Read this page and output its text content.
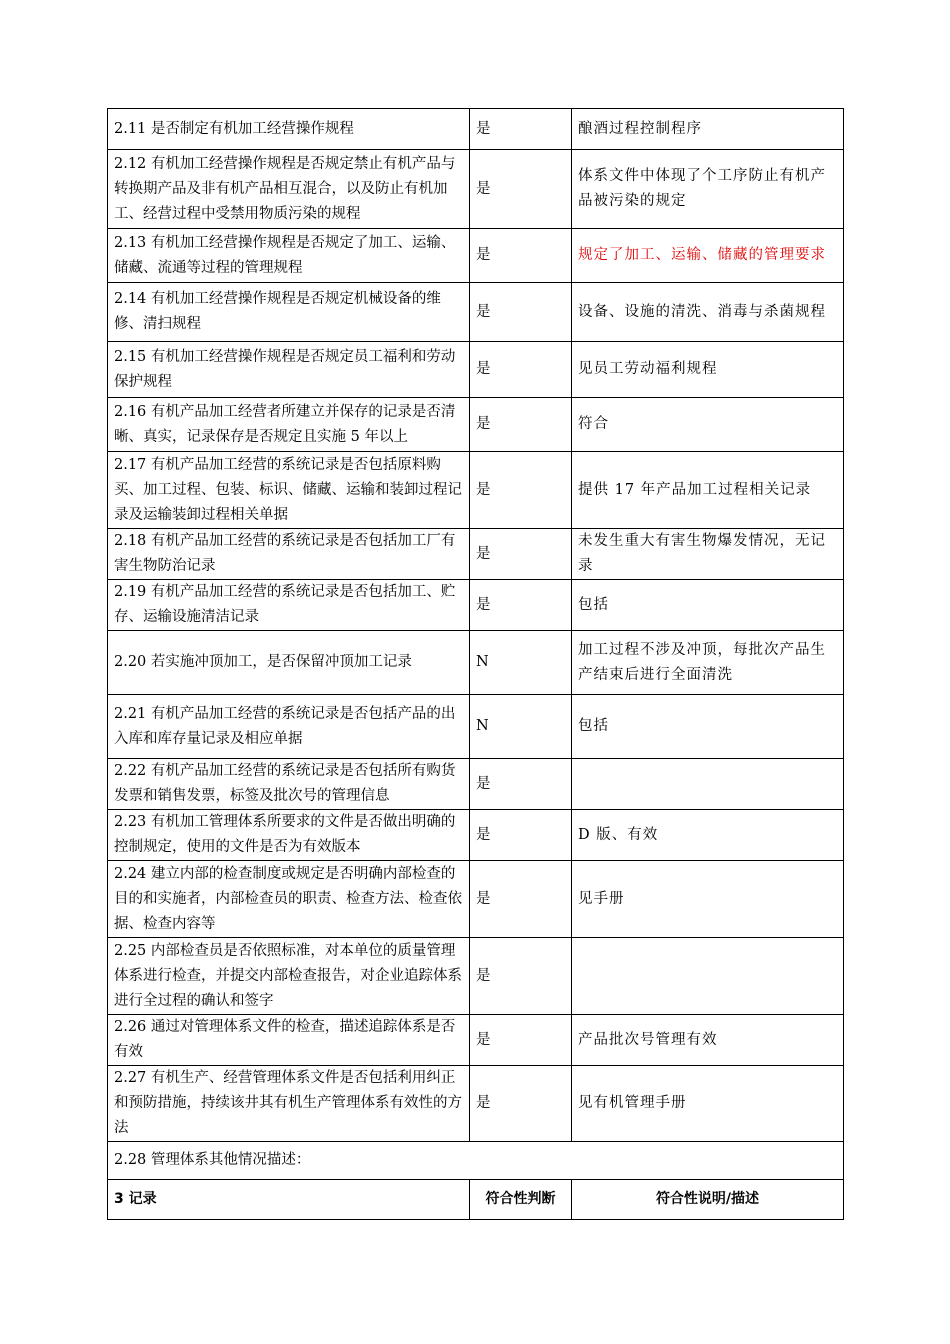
2.11 是否制定有机加工经营操作规程	是	酿酒过程控制程序
2.12 有机加工经营操作规程是否规定禁止有机产品与转换期产品及非有机产品相互混合，以及防止有机加工、经营过程中受禁用物质污染的规程	是	体系文件中体现了个工序防止有机产品被污染的规定
2.13 有机加工经营操作规程是否规定了加工、运输、储藏、流通等过程的管理规程	是	规定了加工、运输、储藏的管理要求
2.14 有机加工经营操作规程是否规定机械设备的维修、清扫规程	是	设备、设施的清洗、消毒与杀菌规程
2.15 有机加工经营操作规程是否规定员工福利和劳动保护规程	是	见员工劳动福利规程
2.16 有机产品加工经营者所建立并保存的记录是否清晰、真实，记录保存是否规定且实施 5 年以上	是	符合
2.17 有机产品加工经营的系统记录是否包括原料购买、加工过程、包装、标识、储藏、运输和装卸过程记录及运输装卸过程相关单据	是	提供 17 年产品加工过程相关记录
2.18 有机产品加工经营的系统记录是否包括加工厂有害生物防治记录	是	未发生重大有害生物爆发情况，无记录
2.19 有机产品加工经营的系统记录是否包括加工、贮存、运输设施清洁记录	是	包括
2.20 若实施冲顶加工，是否保留冲顶加工记录	N	加工过程不涉及冲顶，每批次产品生产结束后进行全面清洗
2.21 有机产品加工经营的系统记录是否包括产品的出入库和库存量记录及相应单据	N	包括
2.22 有机产品加工经营的系统记录是否包括所有购货发票和销售发票，标签及批次号的管理信息	是	
2.23 有机加工管理体系所要求的文件是否做出明确的控制规定，使用的文件是否为有效版本	是	D 版、有效
2.24 建立内部的检查制度或规定是否明确内部检查的目的和实施者，内部检查员的职责、检查方法、检查依据、检查内容等	是	见手册
2.25 内部检查员是否依照标准，对本单位的质量管理体系进行检查，并提交内部检查报告，对企业追踪体系进行全过程的确认和签字	是	
2.26 通过对管理体系文件的检查，描述追踪体系是否有效	是	产品批次号管理有效
2.27 有机生产、经营管理体系文件是否包括利用纠正和预防措施，持续该井其有机生产管理体系有效性的方法	是	见有机管理手册
2.28 管理体系其他情况描述：		
3 记录	符合性判断	符合性说明/描述
